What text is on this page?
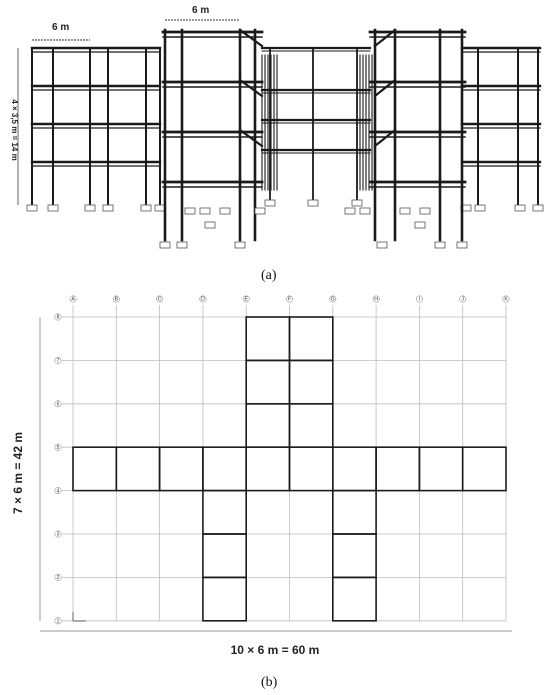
6 m
6 m
4 × 3,5 m = 14 m
(a)
A	B	C	D	E	F	G	H	I	J	K
1
2
3
4
5
6
7
8
7 × 6 m = 42 m
10 × 6 m = 60 m
(b)
